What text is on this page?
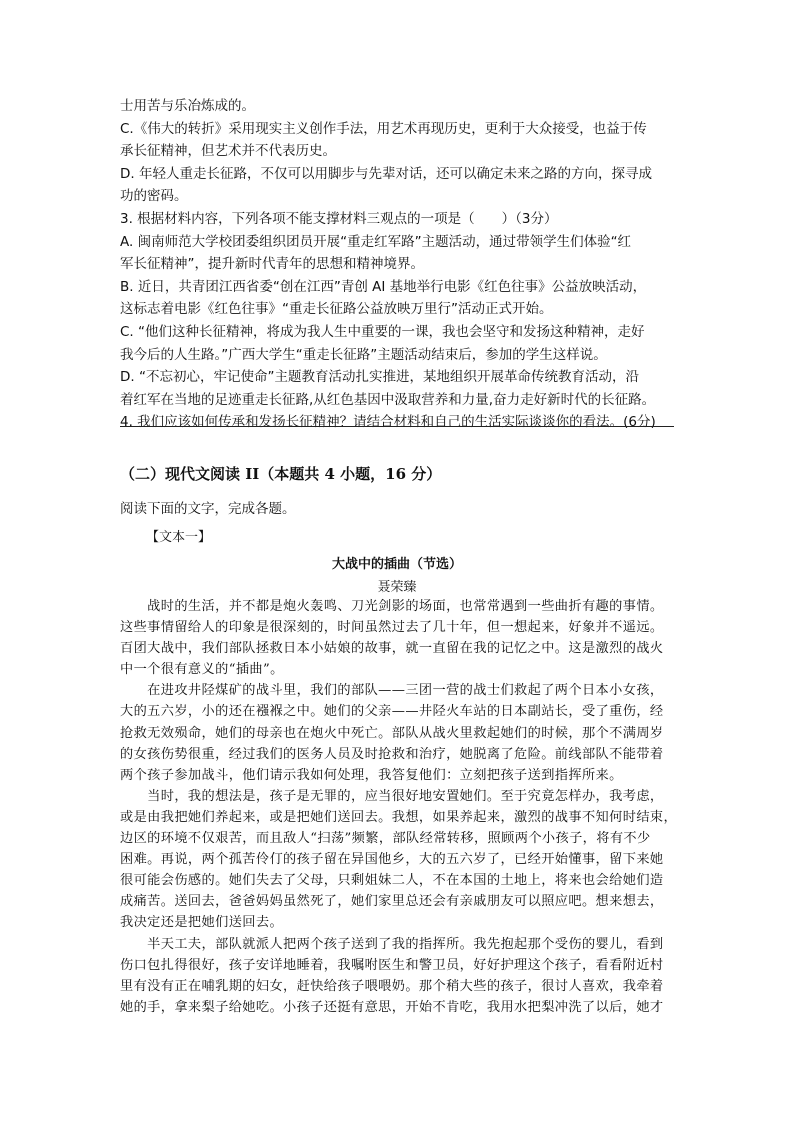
士用苦与乐冶炼成的。
C.《伟大的转折》采用现实主义创作手法，用艺术再现历史，更利于大众接受，也益于传
承长征精神，但艺术并不代表历史。
D. 年轻人重走长征路，不仅可以用脚步与先辈对话，还可以确定未来之路的方向，探寻成
功的密码。
3. 根据材料内容，下列各项不能支撑材料三观点的一项是（　　）（3分）
A. 闽南师范大学校团委组织团员开展“重走红军路”主题活动，通过带领学生们体验“红
军长征精神”，提升新时代青年的思想和精神境界。
B. 近日，共青团江西省委“创在江西”青创 AI 基地举行电影《红色往事》公益放映活动，
这标志着电影《红色往事》“重走长征路公益放映万里行”活动正式开始。
C. “他们这种长征精神，将成为我人生中重要的一课，我也会坚守和发扬这种精神，走好
我今后的人生路。”广西大学生“重走长征路”主题活动结束后，参加的学生这样说。
D. “不忘初心，牢记使命”主题教育活动扎实推进，某地组织开展革命传统教育活动，沿
着红军在当地的足迹重走长征路,从红色基因中汲取营养和力量,奋力走好新时代的长征路。
4. 我们应该如何传承和发扬长征精神？请结合材料和自己的生活实际谈谈你的看法。(6分)
（二）现代文阅读 II（本题共 4 小题，16 分）
阅读下面的文字，完成各题。
【文本一】
大战中的插曲（节选）
聂荣臻
　　战时的生活，并不都是炮火轰鸣、刀光剑影的场面，也常常遇到一些曲折有趣的事情。
这些事情留给人的印象是很深刻的，时间虽然过去了几十年，但一想起来，好象并不遥远。
百团大战中，我们部队拯救日本小姑娘的故事，就一直留在我的记忆之中。这是激烈的战火
中一个很有意义的“插曲”。
　　在进攻井陉煤矿的战斗里，我们的部队——三团一营的战士们救起了两个日本小女孩，
大的五六岁，小的还在襁褓之中。她们的父亲——井陉火车站的日本副站长，受了重伤，经
抢救无效殒命，她们的母亲也在炮火中死亡。部队从战火里救起她们的时候，那个不满周岁
的女孩伤势很重，经过我们的医务人员及时抢救和治疗，她脱离了危险。前线部队不能带着
两个孩子参加战斗，他们请示我如何处理，我答复他们：立刻把孩子送到指挥所来。
　　当时，我的想法是，孩子是无罪的，应当很好地安置她们。至于究竟怎样办，我考虑，
或是由我把她们养起来，或是把她们送回去。我想，如果养起来，激烈的战事不知何时结束，
边区的环境不仅艰苦，而且敌人“扫荡”频繁，部队经常转移，照顾两个小孩子，将有不少
困难。再说，两个孤苦伶仃的孩子留在异国他乡，大的五六岁了，已经开始懂事，留下来她
很可能会伤感的。她们失去了父母，只剩姐妹二人，不在本国的土地上，将来也会给她们造
成痛苦。送回去，爸爸妈妈虽然死了，她们家里总还会有亲戚朋友可以照应吧。想来想去，
我决定还是把她们送回去。
　　半天工夫，部队就派人把两个孩子送到了我的指挥所。我先抱起那个受伤的婴儿，看到
伤口包扎得很好，孩子安详地睡着，我嘱咐医生和警卫员，好好护理这个孩子，看看附近村
里有没有正在哺乳期的妇女，赶快给孩子喂喂奶。那个稍大些的孩子，很讨人喜欢，我牵着
她的手，拿来梨子给她吃。小孩子还挺有意思，开始不肯吃，我用水把梨冲洗了以后，她才
